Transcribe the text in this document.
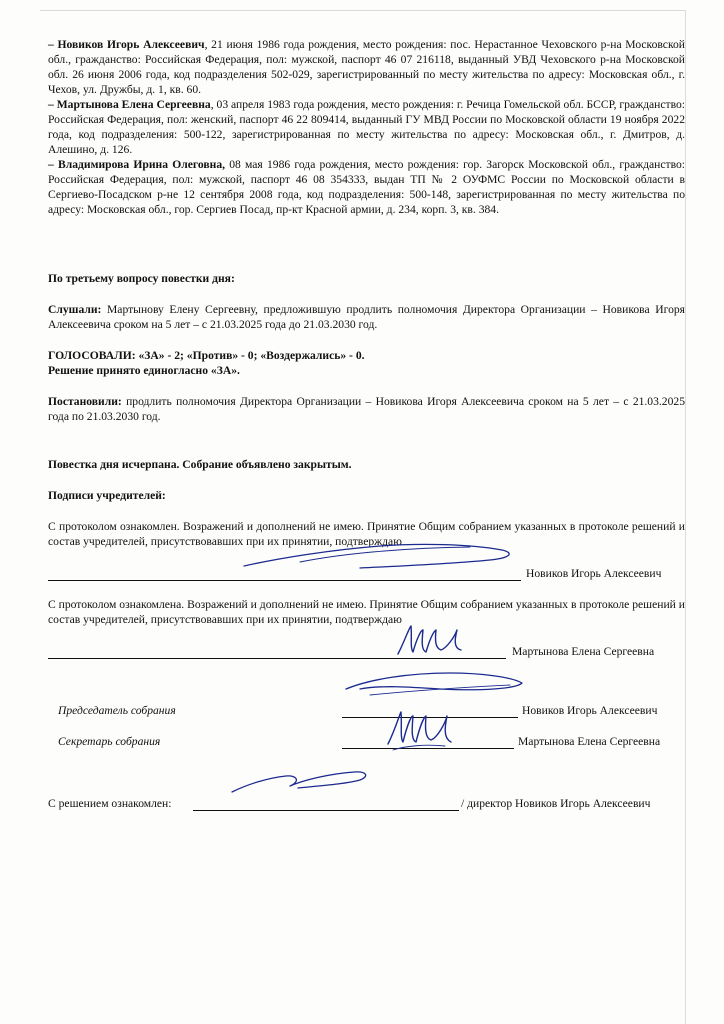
– Новиков Игорь Алексеевич, 21 июня 1986 года рождения, место рождения: пос. Нерастанное Чеховского р-на Московской обл., гражданство: Российская Федерация, пол: мужской, паспорт 46 07 216118, выданный УВД Чеховского р-на Московской обл. 26 июня 2006 года, код подразделения 502-029, зарегистрированный по месту жительства по адресу: Московская обл., г. Чехов, ул. Дружбы, д. 1, кв. 60.

– Мартынова Елена Сергеевна, 03 апреля 1983 года рождения, место рождения: г. Речица Гомельской обл. БССР, гражданство: Российская Федерация, пол: женский, паспорт 46 22 809414, выданный ГУ МВД России по Московской области 19 ноября 2022 года, код подразделения: 500-122, зарегистрированная по месту жительства по адресу: Московская обл., г. Дмитров, д. Алешино, д. 126.

– Владимирова Ирина Олеговна, 08 мая 1986 года рождения, место рождения: гор. Загорск Московской обл., гражданство: Российская Федерация, пол: мужской, паспорт 46 08 354333, выдан ТП № 2 ОУФМС России по Московской области в Сергиево-Посадском р-не 12 сентября 2008 года, код подразделения: 500-148, зарегистрированная по месту жительства по адресу: Московская обл., гор. Сергиев Посад, пр-кт Красной армии, д. 234, корп. 3, кв. 384.

По третьему вопросу повестки дня:

Слушали: Мартынову Елену Сергеевну, предложившую продлить полномочия Директора Организации – Новикова Игоря Алексеевича сроком на 5 лет – с 21.03.2025 года до 21.03.2030 год.

ГОЛОСОВАЛИ: «ЗА» - 2; «Против» - 0; «Воздержались» - 0.

Решение принято единогласно «ЗА».

Постановили: продлить полномочия Директора Организации – Новикова Игоря Алексеевича сроком на 5 лет – с 21.03.2025 года по 21.03.2030 год.

Повестка дня исчерпана. Собрание объявлено закрытым.

Подписи учредителей:

С протоколом ознакомлен. Возражений и дополнений не имею. Принятие Общим собранием указанных в протоколе решений и состав учредителей, присутствовавших при их принятии, подтверждаю

Новиков Игорь Алексеевич

С протоколом ознакомлена. Возражений и дополнений не имею. Принятие Общим собранием указанных в протоколе решений и состав учредителей, присутствовавших при их принятии, подтверждаю

Мартынова Елена Сергеевна
Председатель собрания	Новиков Игорь Алексеевич
Секретарь собрания	Мартынова Елена Сергеевна
С решением ознакомлен:	/ директор Новиков Игорь Алексеевич
